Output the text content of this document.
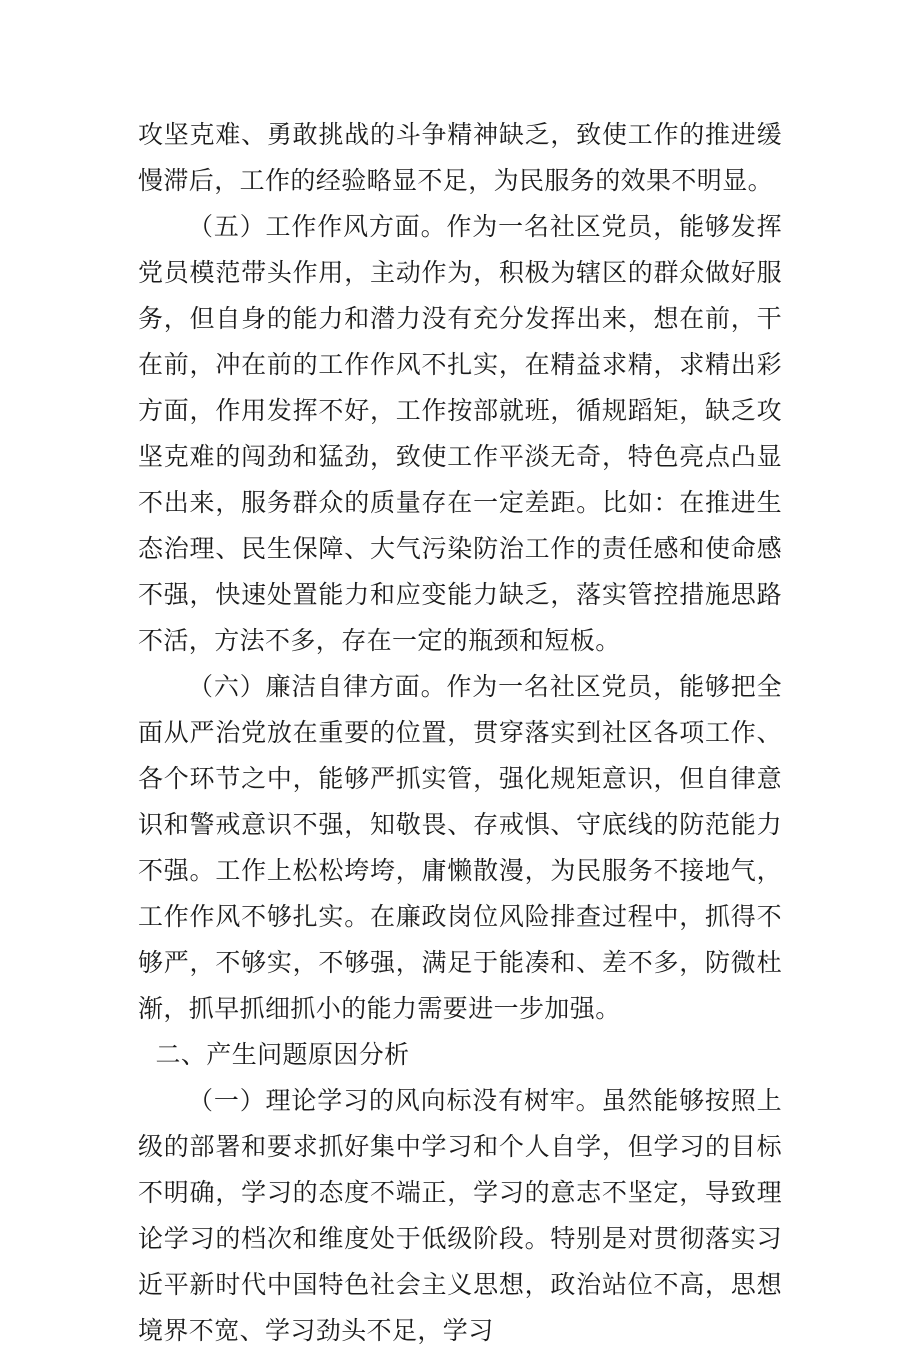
攻坚克难、勇敢挑战的斗争精神缺乏，致使工作的推进缓慢滞后，工作的经验略显不足，为民服务的效果不明显。

（五）工作作风方面。作为一名社区党员，能够发挥党员模范带头作用，主动作为，积极为辖区的群众做好服务，但自身的能力和潜力没有充分发挥出来，想在前，干在前，冲在前的工作作风不扎实，在精益求精，求精出彩方面，作用发挥不好，工作按部就班，循规蹈矩，缺乏攻坚克难的闯劲和猛劲，致使工作平淡无奇，特色亮点凸显不出来，服务群众的质量存在一定差距。比如：在推进生态治理、民生保障、大气污染防治工作的责任感和使命感不强，快速处置能力和应变能力缺乏，落实管控措施思路不活，方法不多，存在一定的瓶颈和短板。

（六）廉洁自律方面。作为一名社区党员，能够把全面从严治党放在重要的位置，贯穿落实到社区各项工作、各个环节之中，能够严抓实管，强化规矩意识，但自律意识和警戒意识不强，知敬畏、存戒惧、守底线的防范能力不强。工作上松松垮垮，庸懒散漫，为民服务不接地气，工作作风不够扎实。在廉政岗位风险排查过程中，抓得不够严，不够实，不够强，满足于能凑和、差不多，防微杜渐，抓早抓细抓小的能力需要进一步加强。

二、产生问题原因分析

（一）理论学习的风向标没有树牢。虽然能够按照上级的部署和要求抓好集中学习和个人自学，但学习的目标不明确，学习的态度不端正，学习的意志不坚定，导致理论学习的档次和维度处于低级阶段。特别是对贯彻落实习近平新时代中国特色社会主义思想，政治站位不高，思想境界不宽、学习劲头不足，学习
